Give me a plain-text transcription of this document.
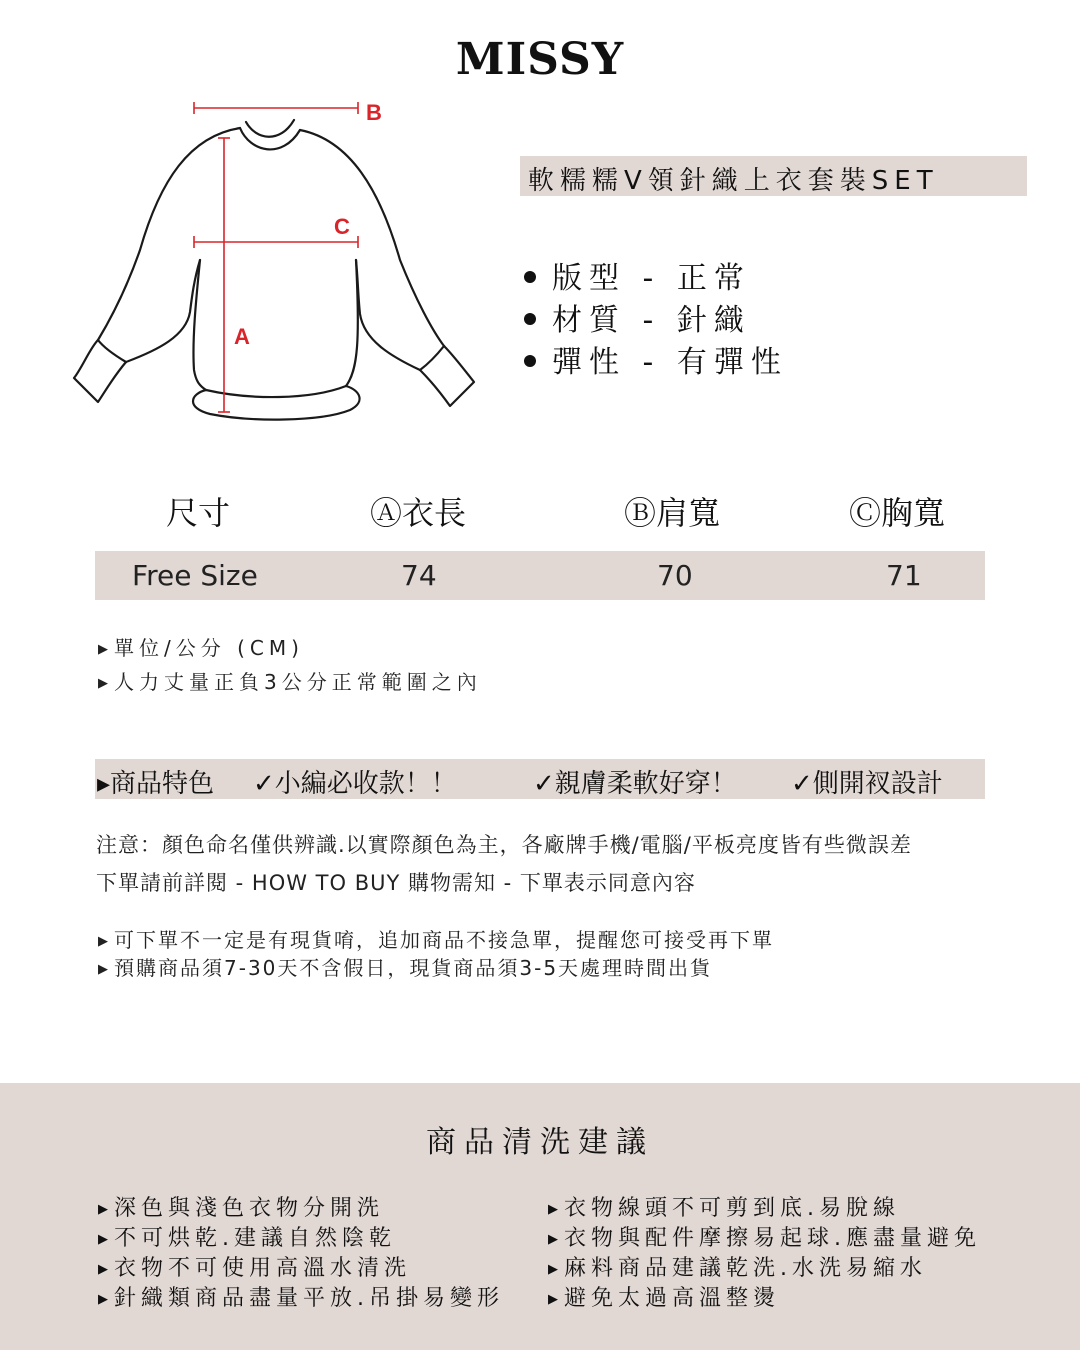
MISSY
B
C
A
軟糯糯V領針織上衣套裝SET
版型 - 正常
材質 - 針織
彈性 - 有彈性
尺寸	Ⓐ衣長	Ⓑ肩寬	Ⓒ胸寬
Free Size	74	70	71
▶ 單位/公分 (CM)
▶ 人力丈量正負3公分正常範圍之內
▸商品特色 ✓小編必收款！！	✓親膚柔軟好穿！ ✓側開衩設計
注意：顏色命名僅供辨識.以實際顏色為主，各廠牌手機/電腦/平板亮度皆有些微誤差
下單請前詳閱 - HOW TO BUY 購物需知 - 下單表示同意內容
▶ 可下單不一定是有現貨唷，追加商品不接急單，提醒您可接受再下單
▶ 預購商品須7-30天不含假日，現貨商品須3-5天處理時間出貨
商品清洗建議
▶ 深色與淺色衣物分開洗
▶ 不可烘乾.建議自然陰乾
▶ 衣物不可使用高溫水清洗
▶ 針織類商品盡量平放.吊掛易變形
▶ 衣物線頭不可剪到底.易脫線
▶ 衣物與配件摩擦易起球.應盡量避免
▶ 麻料商品建議乾洗.水洗易縮水
▶ 避免太過高溫整燙
